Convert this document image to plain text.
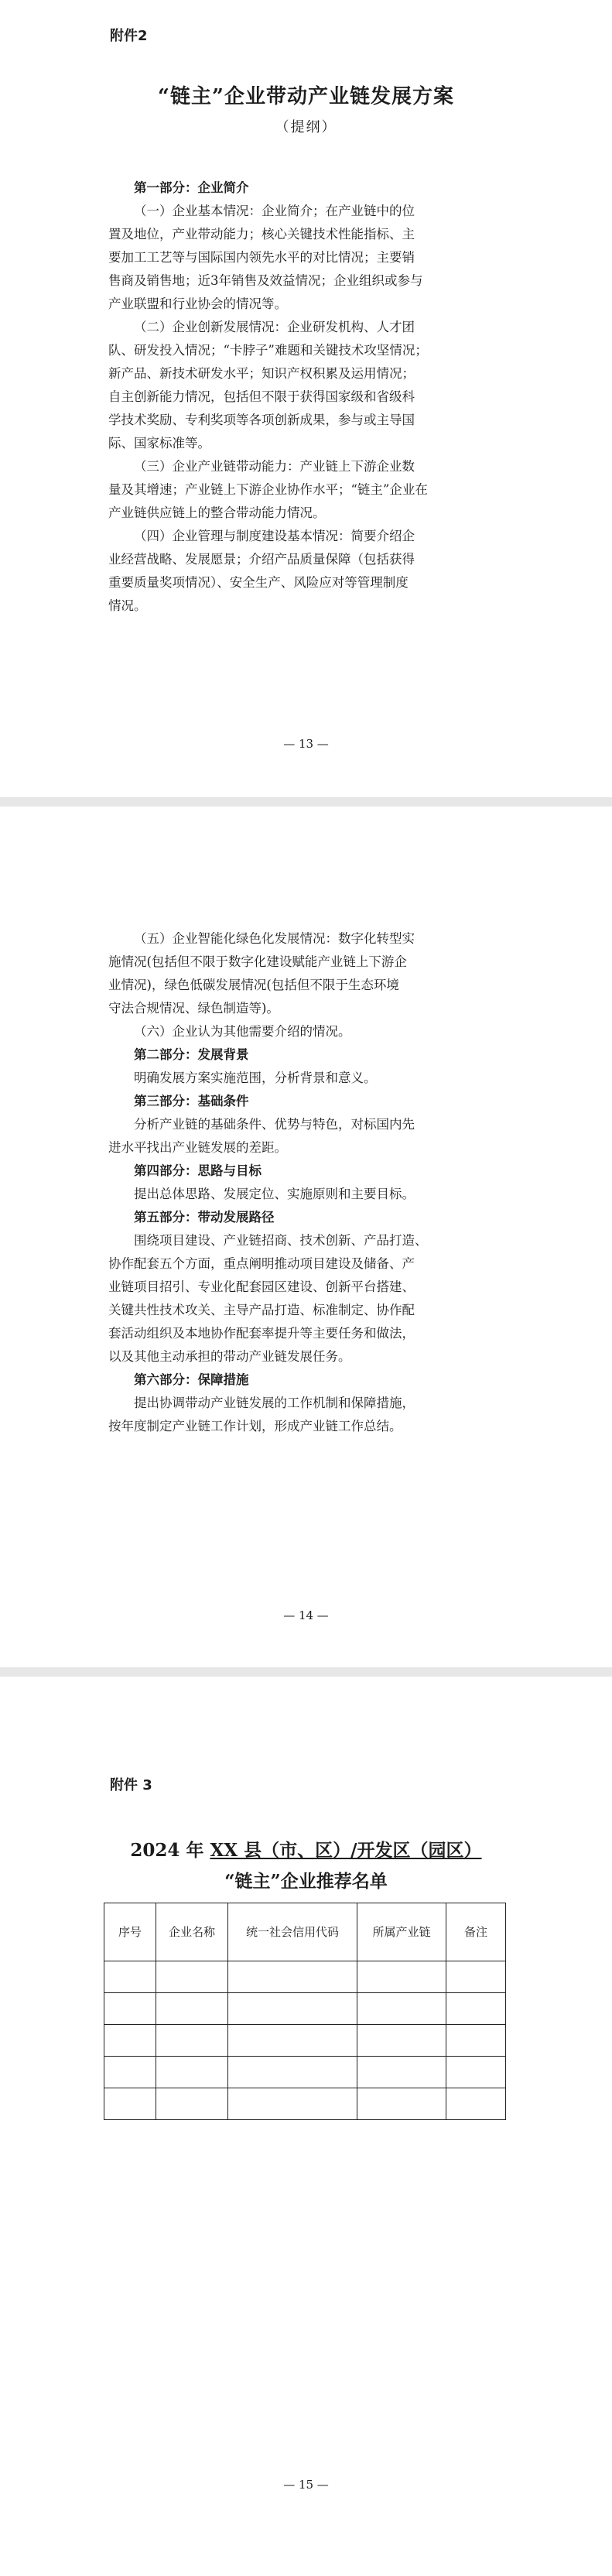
附件2
“链主”企业带动产业链发展方案
（提纲）

第一部分：企业简介

（一）企业基本情况：企业简介；在产业链中的位

置及地位，产业带动能力；核心关键技术性能指标、主

要加工工艺等与国际国内领先水平的对比情况；主要销

售商及销售地；近3年销售及效益情况；企业组织或参与

产业联盟和行业协会的情况等。

（二）企业创新发展情况：企业研发机构、人才团

队、研发投入情况；“卡脖子”难题和关键技术攻坚情况；

新产品、新技术研发水平；知识产权积累及运用情况；

自主创新能力情况，包括但不限于获得国家级和省级科

学技术奖励、专利奖项等各项创新成果，参与或主导国

际、国家标准等。

（三）企业产业链带动能力：产业链上下游企业数

量及其增速；产业链上下游企业协作水平；“链主”企业在

产业链供应链上的整合带动能力情况。

（四）企业管理与制度建设基本情况：简要介绍企

业经营战略、发展愿景；介绍产品质量保障（包括获得

重要质量奖项情况）、安全生产、风险应对等管理制度

情况。

— 13 —

（五）企业智能化绿色化发展情况：数字化转型实

施情况(包括但不限于数字化建设赋能产业链上下游企

业情况)，绿色低碳发展情况(包括但不限于生态环境

守法合规情况、绿色制造等)。

（六）企业认为其他需要介绍的情况。

第二部分：发展背景

明确发展方案实施范围，分析背景和意义。

第三部分：基础条件

分析产业链的基础条件、优势与特色，对标国内先

进水平找出产业链发展的差距。

第四部分：思路与目标

提出总体思路、发展定位、实施原则和主要目标。

第五部分：带动发展路径

围绕项目建设、产业链招商、技术创新、产品打造、

协作配套五个方面，重点阐明推动项目建设及储备、产

业链项目招引、专业化配套园区建设、创新平台搭建、

关键共性技术攻关、主导产品打造、标准制定、协作配

套活动组织及本地协作配套率提升等主要任务和做法，

以及其他主动承担的带动产业链发展任务。

第六部分：保障措施

提出协调带动产业链发展的工作机制和保障措施，

按年度制定产业链工作计划，形成产业链工作总结。

— 14 —
附件 3
2024 年 XX 县（市、区）/开发区（园区）
“链主”企业推荐名单
序号	企业名称	统一社会信用代码	所属产业链	备注

— 15 —
